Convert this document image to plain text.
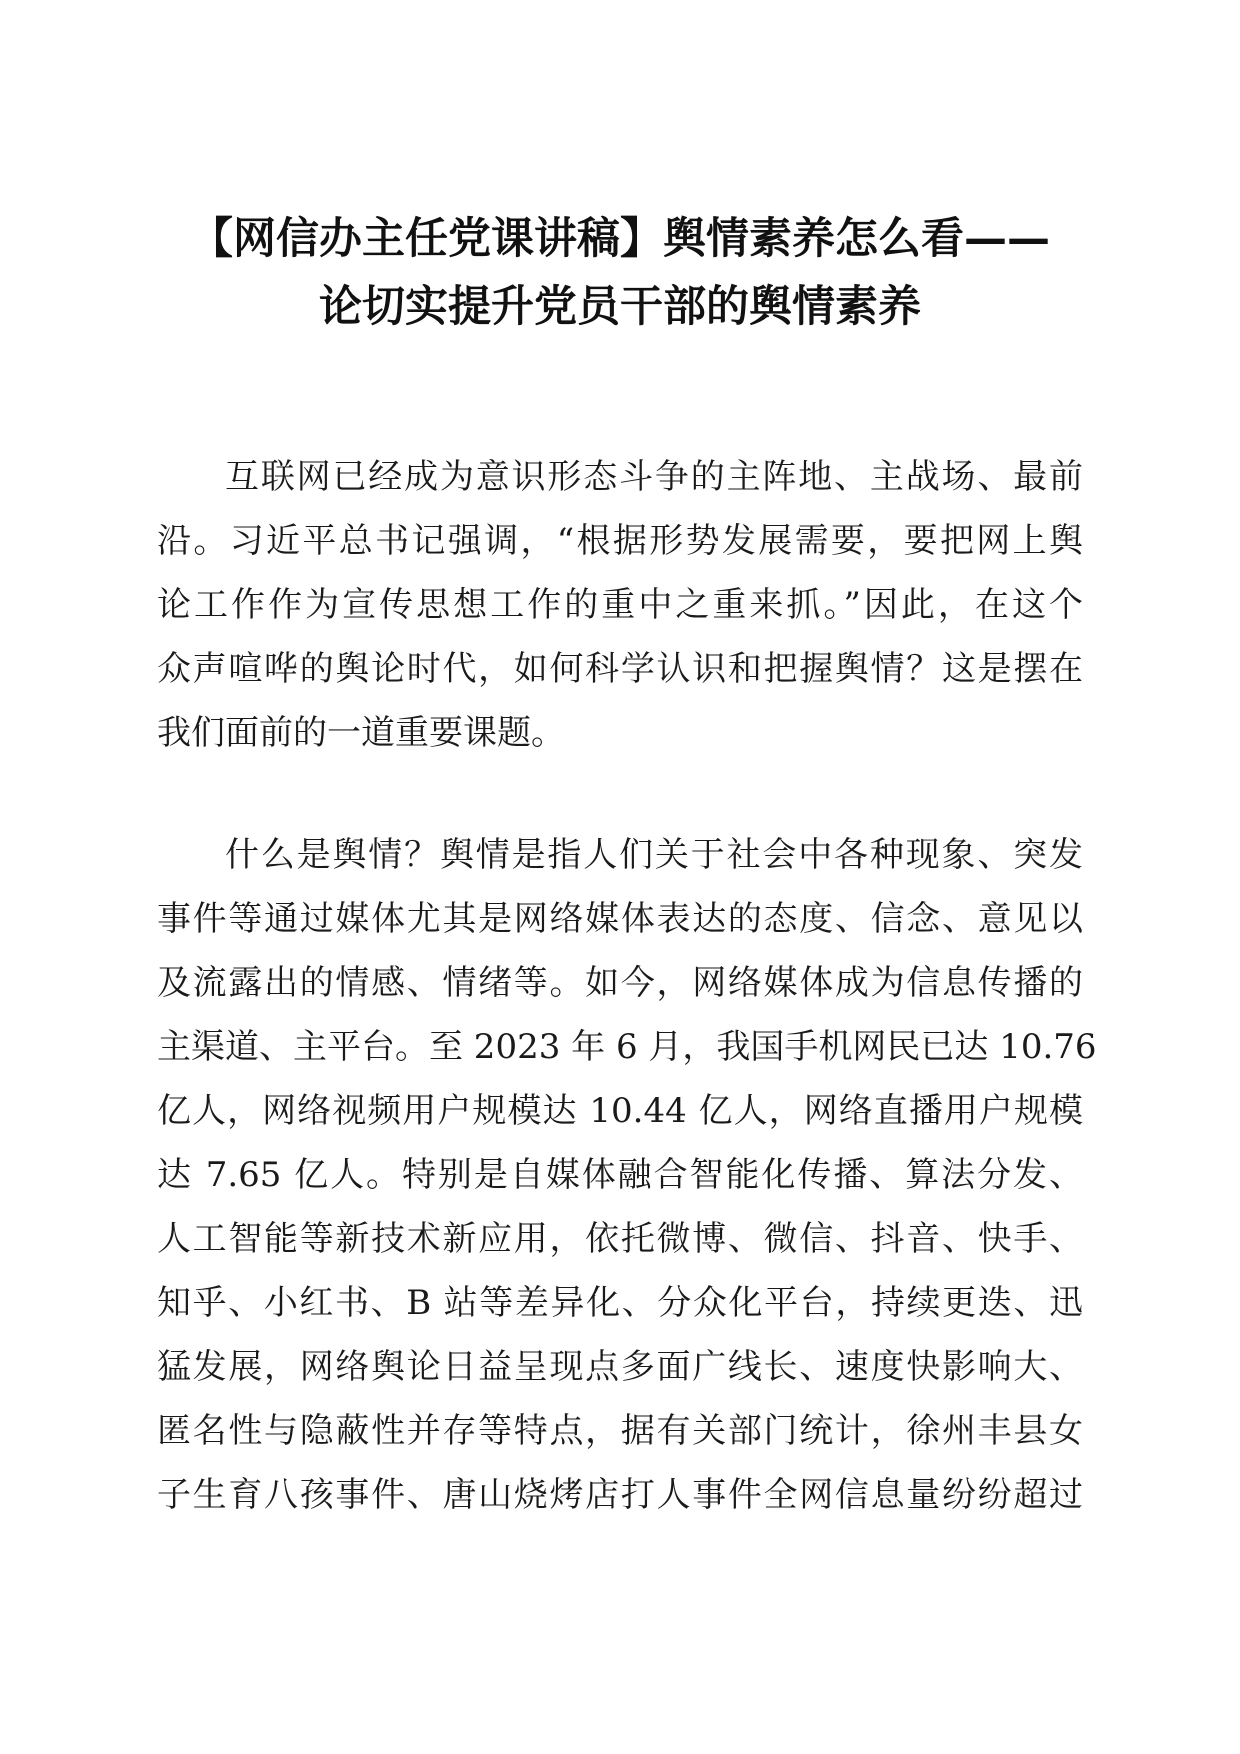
【网信办主任党课讲稿】舆情素养怎么看——
论切实提升党员干部的舆情素养
互联网已经成为意识形态斗争的主阵地、主战场、最前
沿。习近平总书记强调，“根据形势发展需要，要把网上舆
论工作作为宣传思想工作的重中之重来抓。”因此，在这个
众声喧哗的舆论时代，如何科学认识和把握舆情？这是摆在
我们面前的一道重要课题。
什么是舆情？舆情是指人们关于社会中各种现象、突发
事件等通过媒体尤其是网络媒体表达的态度、信念、意见以
及流露出的情感、情绪等。如今，网络媒体成为信息传播的
主渠道、主平台。至 2023 年 6 月，我国手机网民已达 10.76
亿人，网络视频用户规模达 10.44 亿人，网络直播用户规模
达 7.65 亿人。特别是自媒体融合智能化传播、算法分发、
人工智能等新技术新应用，依托微博、微信、抖音、快手、
知乎、小红书、B 站等差异化、分众化平台，持续更迭、迅
猛发展，网络舆论日益呈现点多面广线长、速度快影响大、
匿名性与隐蔽性并存等特点，据有关部门统计，徐州丰县女
子生育八孩事件、唐山烧烤店打人事件全网信息量纷纷超过
